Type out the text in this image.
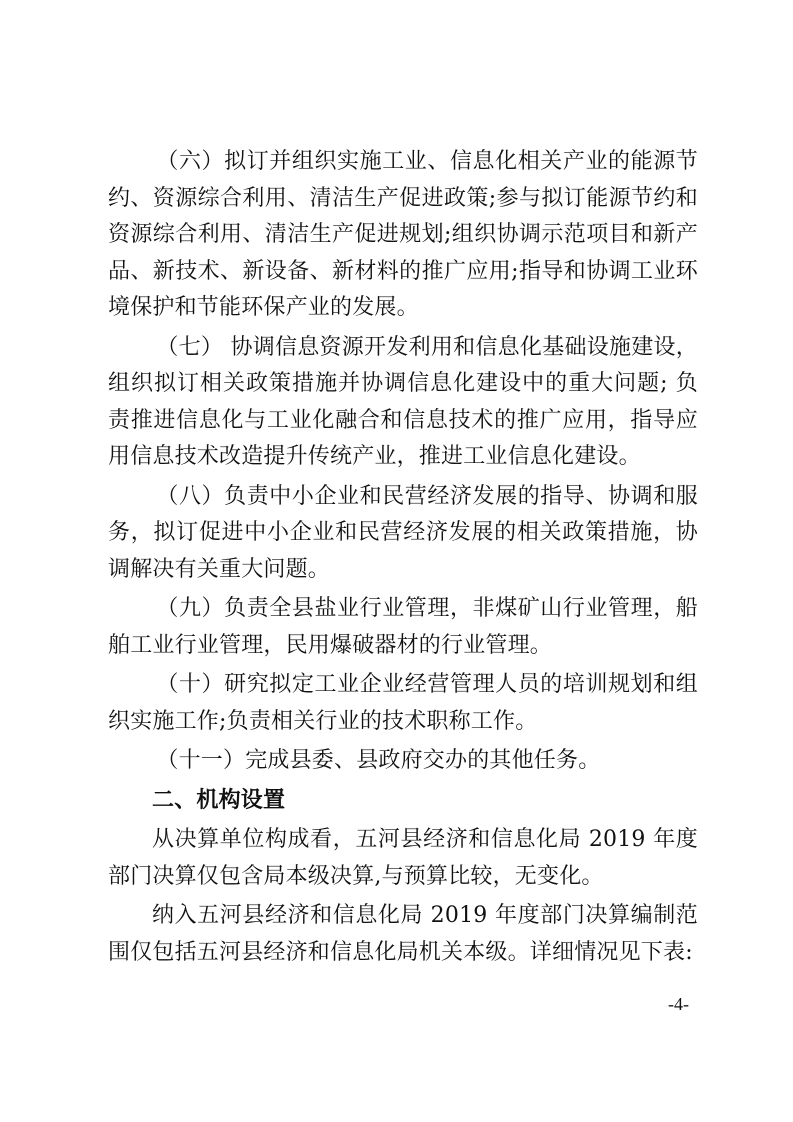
（六）拟订并组织实施工业、信息化相关产业的能源节约、资源综合利用、清洁生产促进政策;参与拟订能源节约和资源综合利用、清洁生产促进规划;组织协调示范项目和新产品、新技术、新设备、新材料的推广应用;指导和协调工业环境保护和节能环保产业的发展。

（七） 协调信息资源开发利用和信息化基础设施建设，组织拟订相关政策措施并协调信息化建设中的重大问题; 负责推进信息化与工业化融合和信息技术的推广应用，指导应用信息技术改造提升传统产业，推进工业信息化建设。

（八）负责中小企业和民营经济发展的指导、协调和服务，拟订促进中小企业和民营经济发展的相关政策措施，协调解决有关重大问题。

（九）负责全县盐业行业管理，非煤矿山行业管理，船舶工业行业管理，民用爆破器材的行业管理。

（十）研究拟定工业企业经营管理人员的培训规划和组织实施工作;负责相关行业的技术职称工作。

（十一）完成县委、县政府交办的其他任务。

二、机构设置

从决算单位构成看，五河县经济和信息化局 2019 年度部门决算仅包含局本级决算,与预算比较，无变化。

纳入五河县经济和信息化局 2019 年度部门决算编制范围仅包括五河县经济和信息化局机关本级。详细情况见下表:

-4-
